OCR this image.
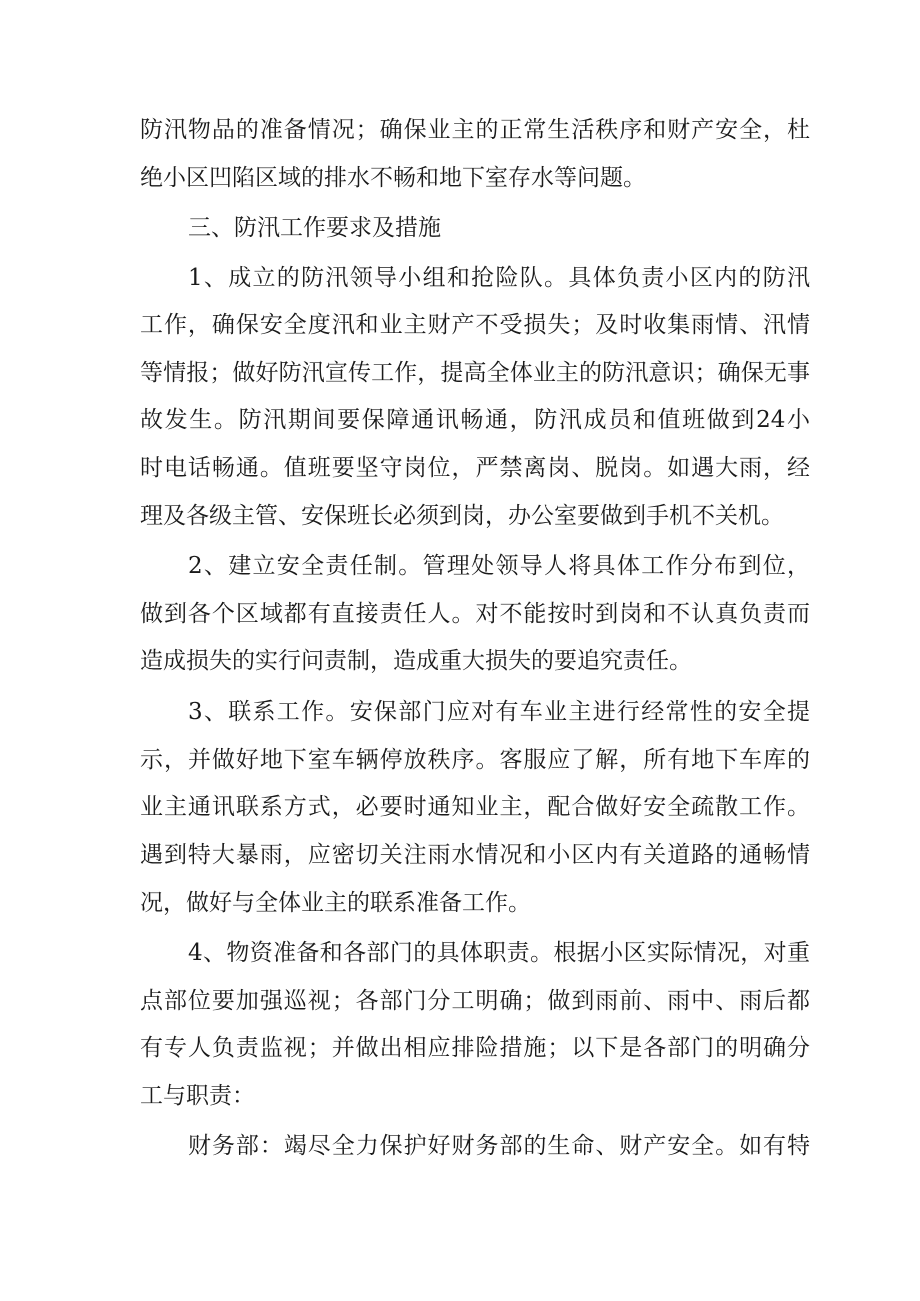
防汛物品的准备情况；确保业主的正常生活秩序和财产安全，杜
绝小区凹陷区域的排水不畅和地下室存水等问题。
三、防汛工作要求及措施
1、成立的防汛领导小组和抢险队。具体负责小区内的防汛
工作，确保安全度汛和业主财产不受损失；及时收集雨情、汛情
等情报；做好防汛宣传工作，提高全体业主的防汛意识；确保无事
故发生。防汛期间要保障通讯畅通，防汛成员和值班做到24小
时电话畅通。值班要坚守岗位，严禁离岗、脱岗。如遇大雨，经
理及各级主管、安保班长必须到岗，办公室要做到手机不关机。
2、建立安全责任制。管理处领导人将具体工作分布到位，
做到各个区域都有直接责任人。对不能按时到岗和不认真负责而
造成损失的实行问责制，造成重大损失的要追究责任。
3、联系工作。安保部门应对有车业主进行经常性的安全提
示，并做好地下室车辆停放秩序。客服应了解，所有地下车库的
业主通讯联系方式，必要时通知业主，配合做好安全疏散工作。
遇到特大暴雨，应密切关注雨水情况和小区内有关道路的通畅情
况，做好与全体业主的联系准备工作。
4、物资准备和各部门的具体职责。根据小区实际情况，对重
点部位要加强巡视；各部门分工明确；做到雨前、雨中、雨后都
有专人负责监视；并做出相应排险措施；以下是各部门的明确分
工与职责：
财务部：竭尽全力保护好财务部的生命、财产安全。如有特
